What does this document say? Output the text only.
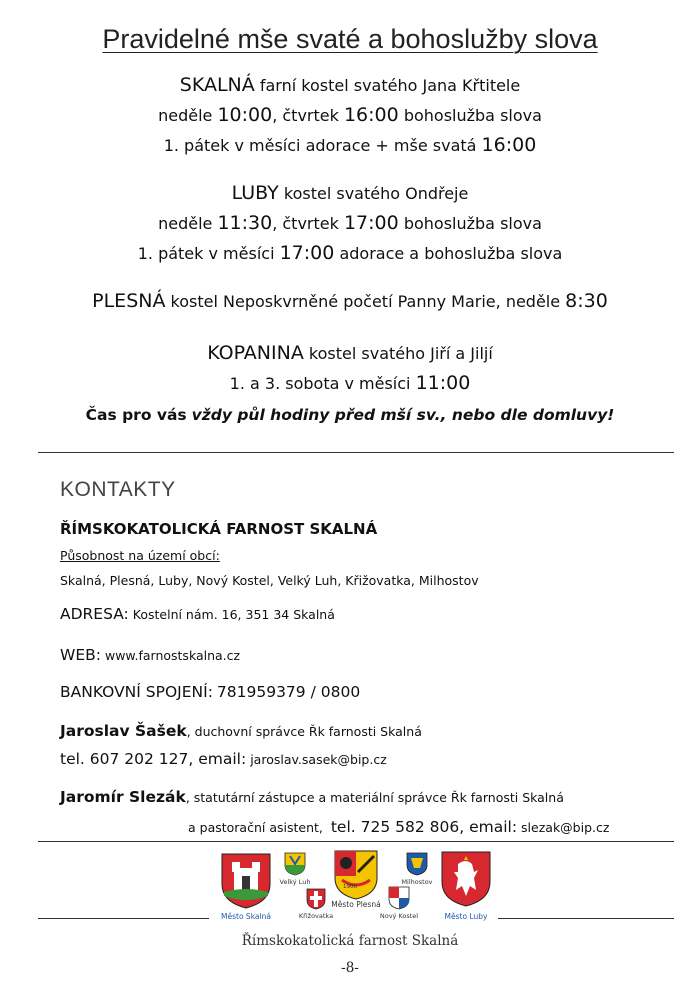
Pravidelné mše svaté a bohoslužby slova
SKALNÁ farní kostel svatého Jana Křtitele
neděle 10:00, čtvrtek 16:00 bohoslužba slova
1. pátek v měsíci adorace + mše svatá 16:00
LUBY kostel svatého Ondřeje
neděle 11:30, čtvrtek 17:00 bohoslužba slova
1. pátek v měsíci 17:00 adorace a bohoslužba slova
PLESNÁ kostel Neposkvrněné početí Panny Marie, neděle 8:30
KOPANINA kostel svatého Jiří a Jiljí
1. a 3. sobota v měsíci 11:00
Čas pro vás vždy půl hodiny před mší sv., nebo dle domluvy!
KONTAKTY
ŘÍMSKOKATOLICKÁ FARNOST SKALNÁ
Působnost na území obcí:
Skalná, Plesná, Luby, Nový Kostel, Velký Luh, Křižovatka, Milhostov
ADRESA: Kostelní nám. 16, 351 34 Skalná
WEB: www.farnostskalna.cz
BANKOVNÍ SPOJENÍ: 781959379 / 0800
Jaroslav Šašek, duchovní správce Řk farnosti Skalná
tel. 607 202 127, email: jaroslav.sasek@bip.cz
Jaromír Slezák, statutární zástupce a materiální správce Řk farnosti Skalná
a pastorační asistent, tel. 725 582 806, email: slezak@bip.cz
Město Skalná
Velký Luh
Křižovatka
1900
Město Plesná
Milhostov
Nový Kostel	Město Luby
Římskokatolická farnost Skalná
-8-
